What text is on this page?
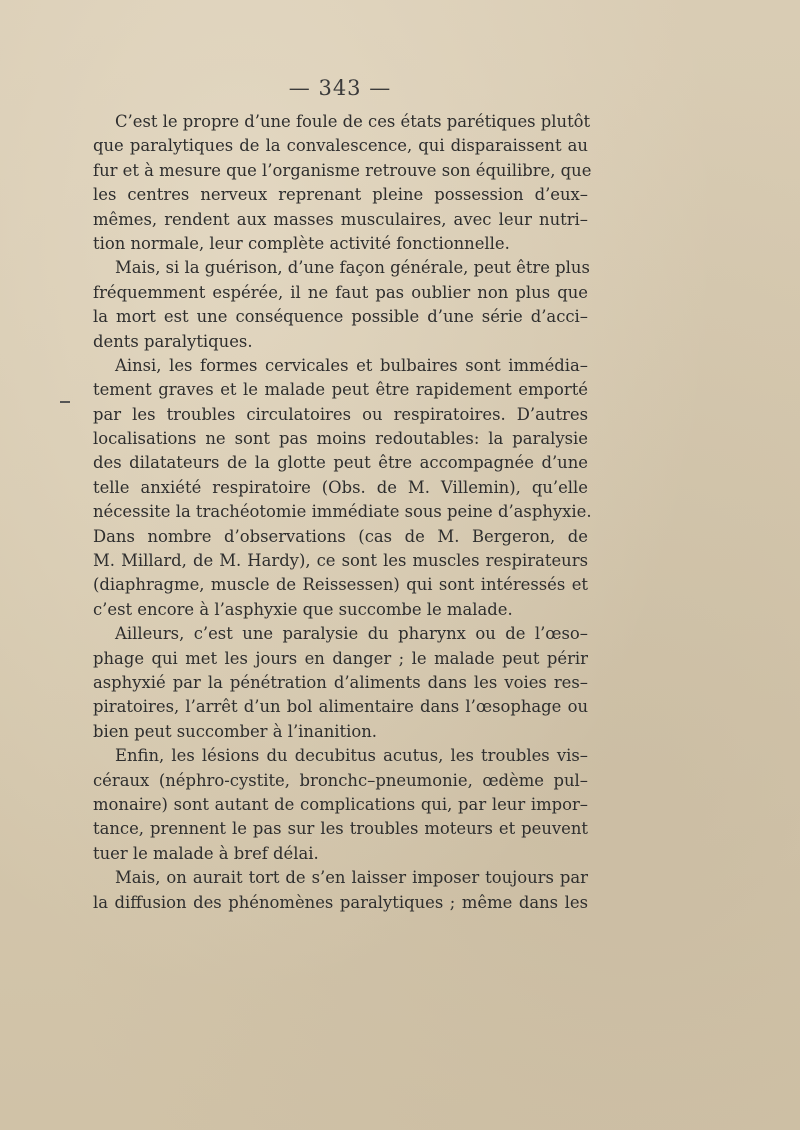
— 343 —
C’est le propre d’une foule de ces états parétiques plutôt
que paralytiques de la convalescence, qui disparaissent au
fur et à mesure que l’organisme retrouve son équilibre, que
les centres nerveux reprenant pleine possession d’eux–
mêmes, rendent aux masses musculaires, avec leur nutri–
tion normale, leur complète activité fonctionnelle.
Mais, si la guérison, d’une façon générale, peut être plus
fréquemment espérée, il ne faut pas oublier non plus que
la mort est une conséquence possible d’une série d’acci–
dents paralytiques.
Ainsi, les formes cervicales et bulbaires sont immédia–
tement graves et le malade peut être rapidement emporté
par les troubles circulatoires ou respiratoires. D’autres
localisations ne sont pas moins redoutables: la paralysie
des dilatateurs de la glotte peut être accompagnée d’une
telle anxiété respiratoire (Obs. de M. Villemin), qu’elle
nécessite la trachéotomie immédiate sous peine d’asphyxie.
Dans nombre d’observations (cas de M. Bergeron, de
M. Millard, de M. Hardy), ce sont les muscles respirateurs
(diaphragme, muscle de Reissessen) qui sont intéressés et
c’est encore à l’asphyxie que succombe le malade.
Ailleurs, c’est une paralysie du pharynx ou de l’œso–
phage qui met les jours en danger ; le malade peut périr
asphyxié par la pénétration d’aliments dans les voies res–
piratoires, l’arrêt d’un bol alimentaire dans l’œsophage ou
bien peut succomber à l’inanition.
Enfin, les lésions du decubitus acutus, les troubles vis–
céraux (néphro-cystite, bronchc–pneumonie, œdème pul–
monaire) sont autant de complications qui, par leur impor–
tance, prennent le pas sur les troubles moteurs et peuvent
tuer le malade à bref délai.
Mais, on aurait tort de s’en laisser imposer toujours par
la diffusion des phénomènes paralytiques ; même dans les
